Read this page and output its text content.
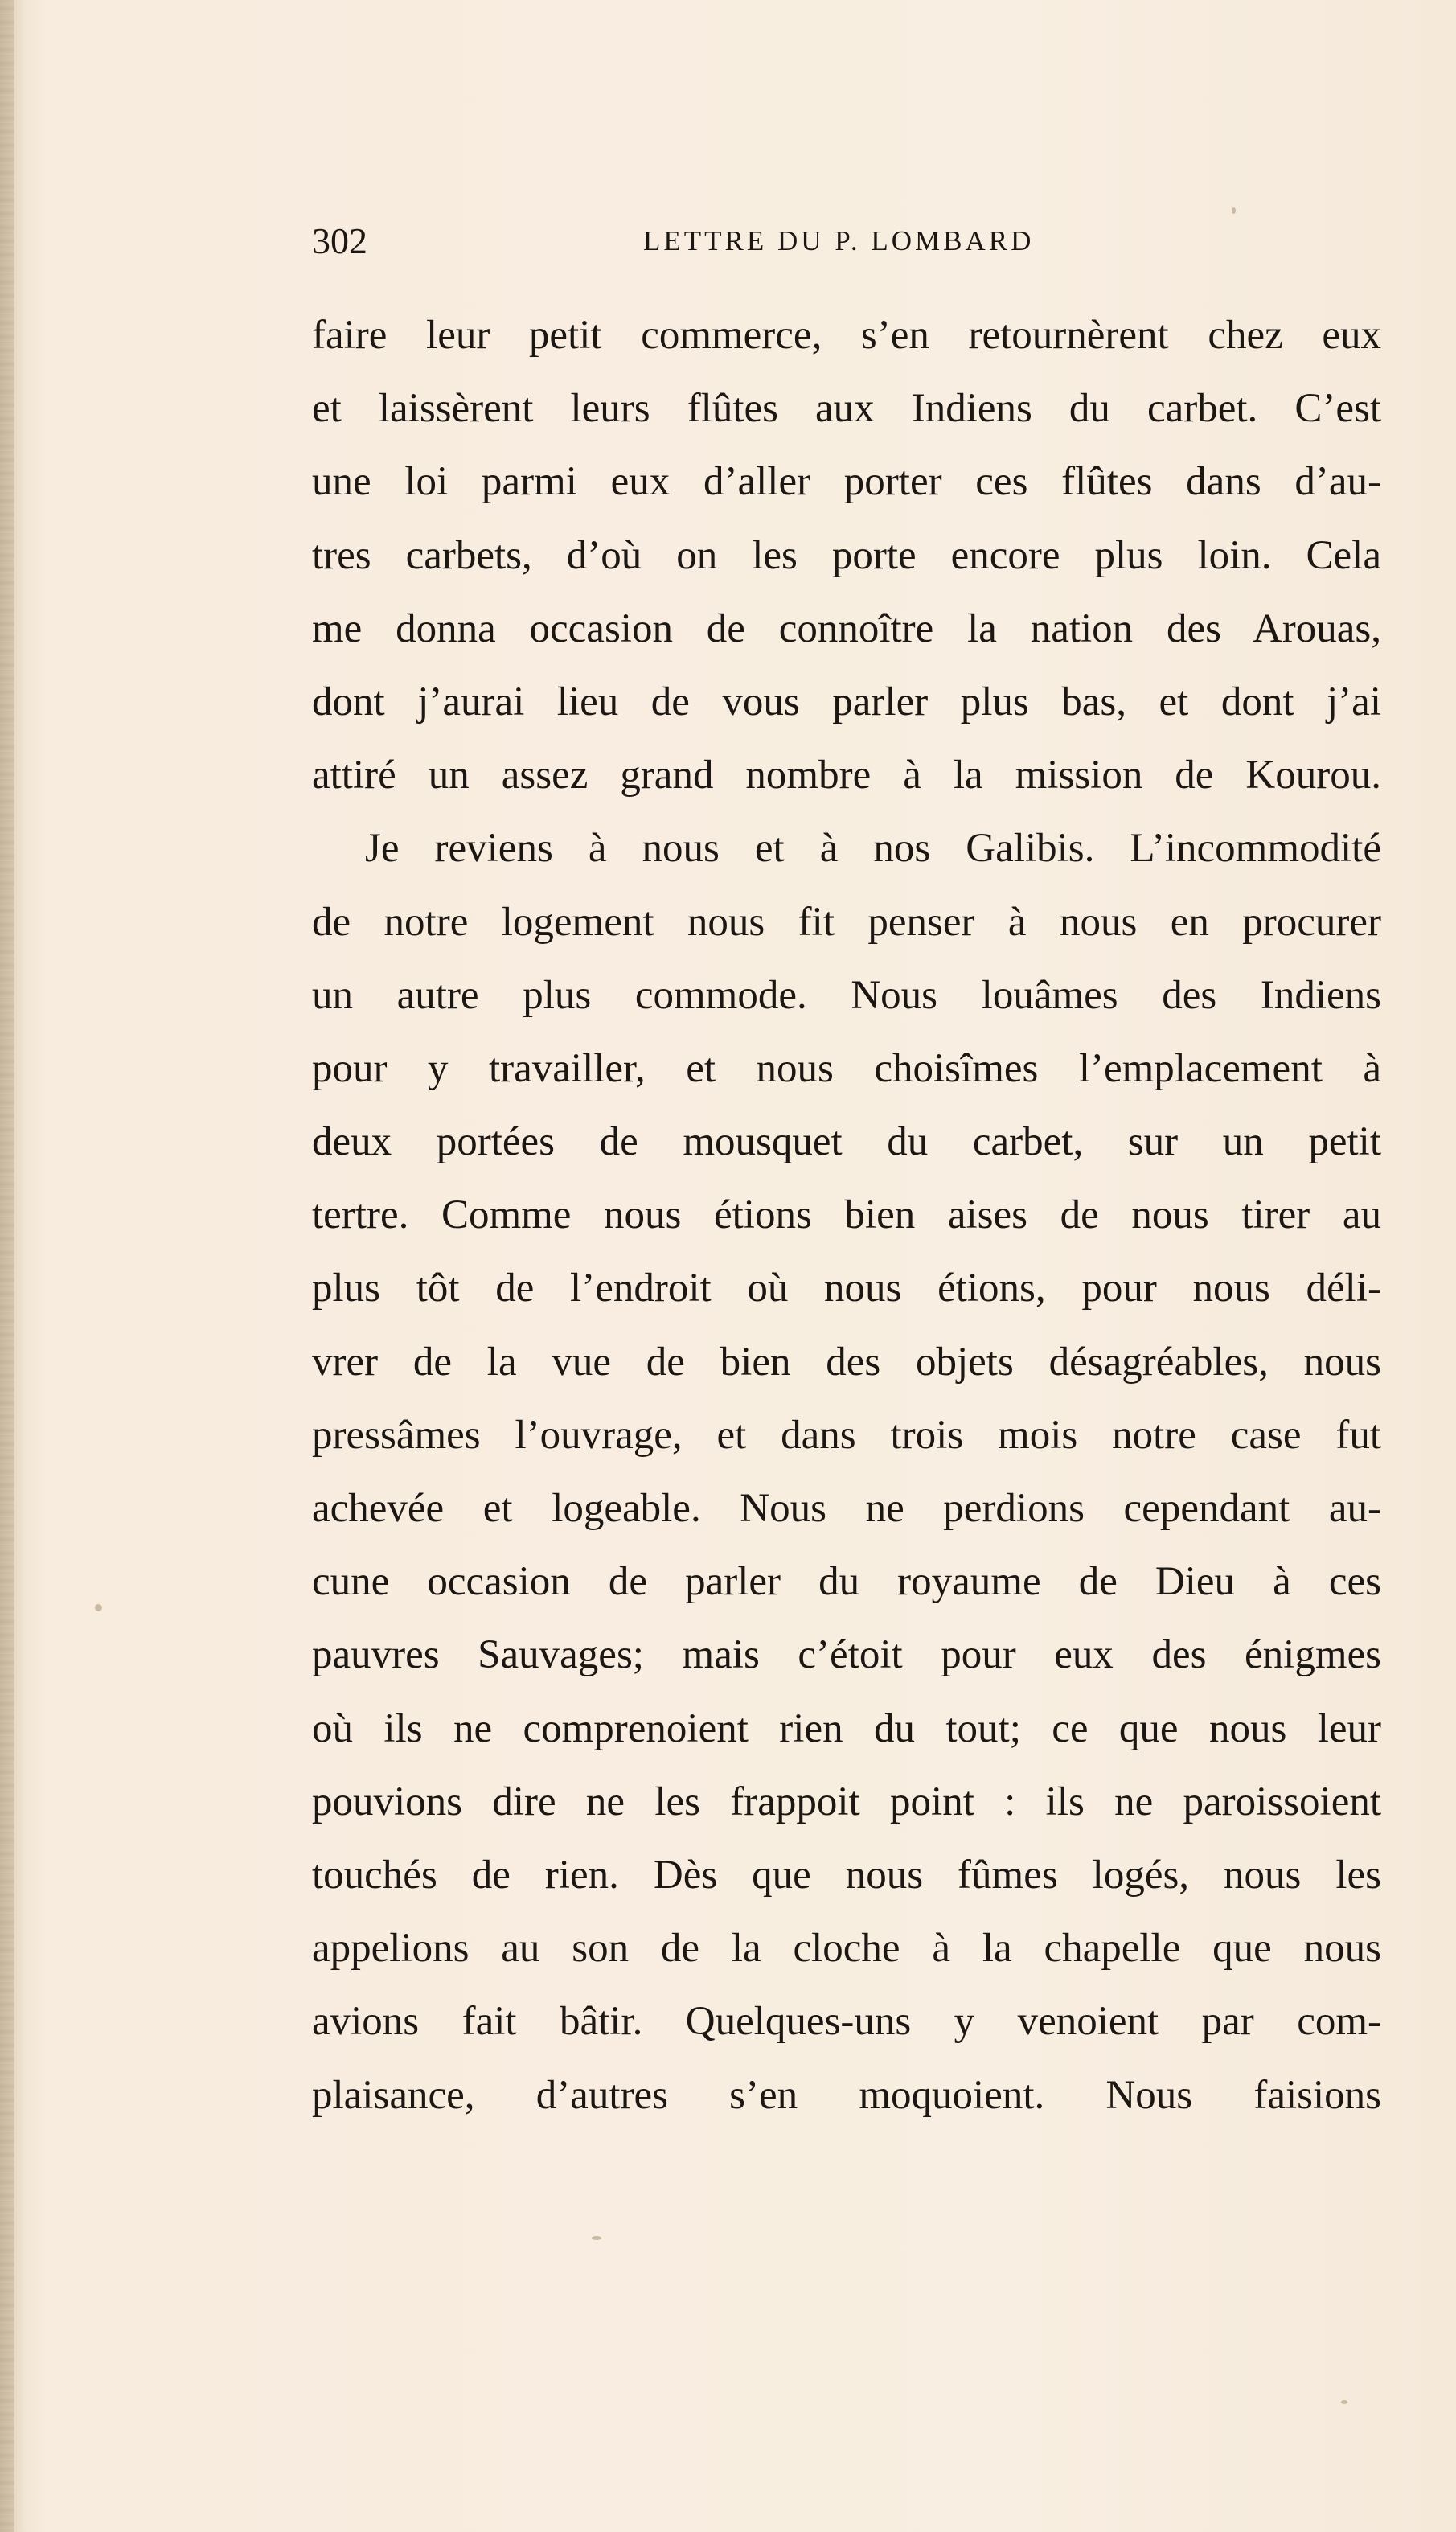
302	LETTRE DU P. LOMBARD
faire leur petit commerce, s’en retournèrent chez eux
et laissèrent leurs flûtes aux Indiens du carbet. C’est
une loi parmi eux d’aller porter ces flûtes dans d’au-
tres carbets, d’où on les porte encore plus loin. Cela
me donna occasion de connoître la nation des Arouas,
dont j’aurai lieu de vous parler plus bas, et dont j’ai
attiré un assez grand nombre à la mission de Kourou.
Je reviens à nous et à nos Galibis. L’incommodité
de notre logement nous fit penser à nous en procurer
un autre plus commode. Nous louâmes des Indiens
pour y travailler, et nous choisîmes l’emplacement à
deux portées de mousquet du carbet, sur un petit
tertre. Comme nous étions bien aises de nous tirer au
plus tôt de l’endroit où nous étions, pour nous déli-
vrer de la vue de bien des objets désagréables, nous
pressâmes l’ouvrage, et dans trois mois notre case fut
achevée et logeable. Nous ne perdions cependant au-
cune occasion de parler du royaume de Dieu à ces
pauvres Sauvages; mais c’étoit pour eux des énigmes
où ils ne comprenoient rien du tout; ce que nous leur
pouvions dire ne les frappoit point : ils ne paroissoient
touchés de rien. Dès que nous fûmes logés, nous les
appelions au son de la cloche à la chapelle que nous
avions fait bâtir. Quelques-uns y venoient par com-
plaisance, d’autres s’en moquoient. Nous faisions
